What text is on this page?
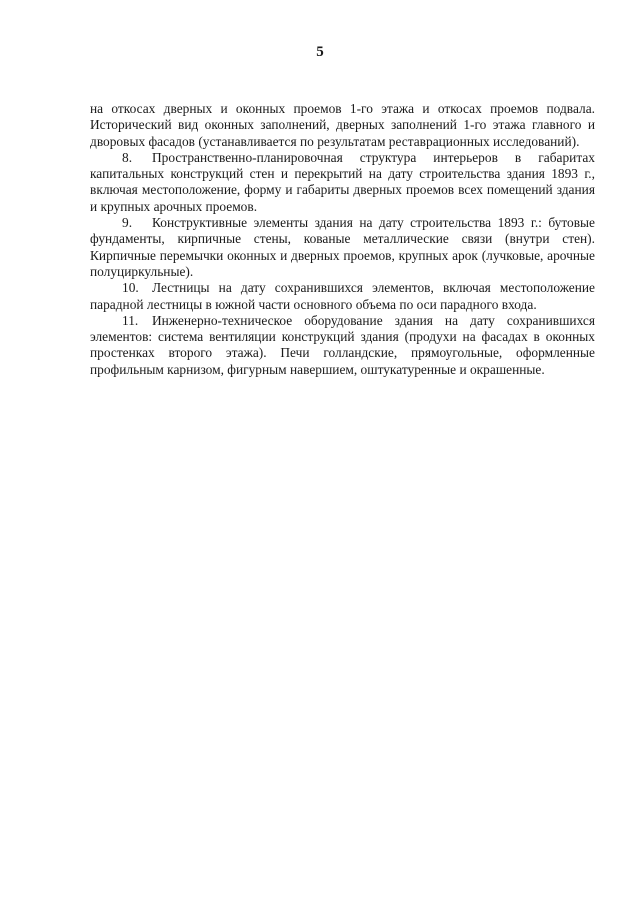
5

на откосах дверных и оконных проемов 1-го этажа и откосах проемов подвала. Исторический вид оконных заполнений, дверных заполнений 1-го этажа главного и дворовых фасадов (устанавливается по результатам реставрационных исследований).

8. Пространственно-планировочная структура интерьеров в габаритах капитальных конструкций стен и перекрытий на дату строительства здания 1893 г., включая местоположение, форму и габариты дверных проемов всех помещений здания и крупных арочных проемов.

9. Конструктивные элементы здания на дату строительства 1893 г.: бутовые фундаменты, кирпичные стены, кованые металлические связи (внутри стен). Кирпичные перемычки оконных и дверных проемов, крупных арок (лучковые, арочные полуциркульные).

10. Лестницы на дату сохранившихся элементов, включая местоположение парадной лестницы в южной части основного объема по оси парадного входа.

11. Инженерно-техническое оборудование здания на дату сохранившихся элементов: система вентиляции конструкций здания (продухи на фасадах в оконных простенках второго этажа). Печи голландские, прямоугольные, оформленные профильным карнизом, фигурным навершием, оштукатуренные и окрашенные.
